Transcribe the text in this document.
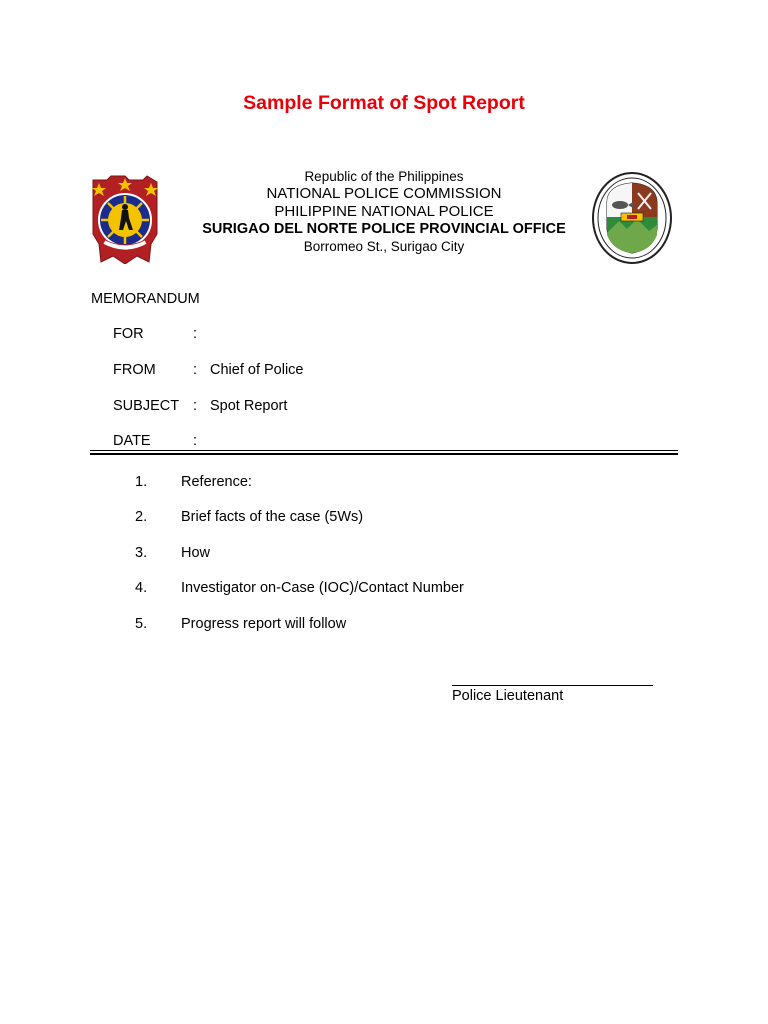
Sample Format of Spot Report
Republic of the Philippines
NATIONAL POLICE COMMISSION
PHILIPPINE NATIONAL POLICE
SURIGAO DEL NORTE POLICE PROVINCIAL OFFICE
Borromeo St., Surigao City
MEMORANDUM
FOR	:
FROM	: Chief of Police
SUBJECT : Spot Report
DATE	:
1. Reference:
2. Brief facts of the case (5Ws)
3. How
4. Investigator on-Case (IOC)/Contact Number
5. Progress report will follow
Police Lieutenant
